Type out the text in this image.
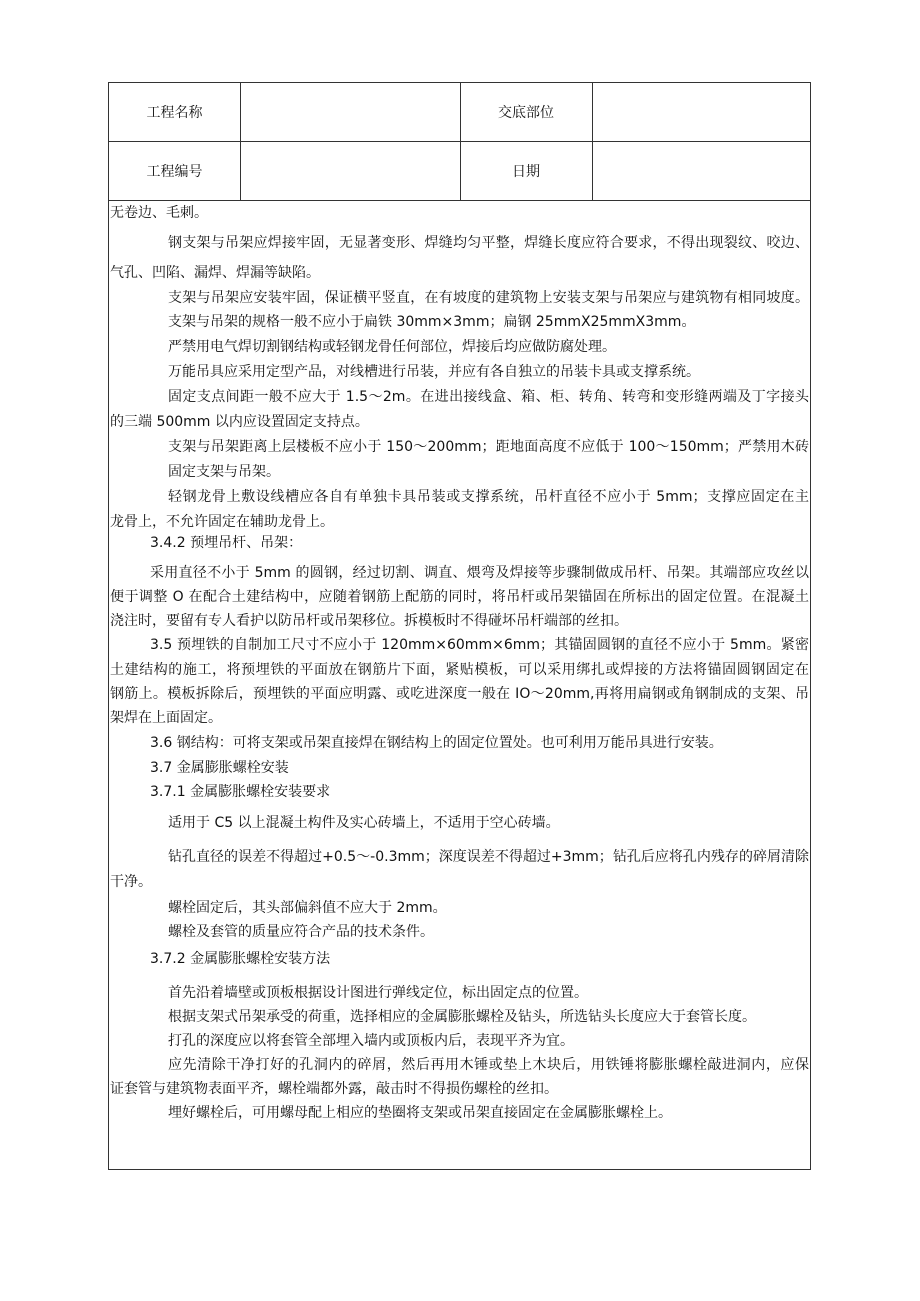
工程名称	交底部位
工程编号	日期
无卷边、毛刺。
钢支架与吊架应焊接牢固，无显著变形、焊缝均匀平整，焊缝长度应符合要求，不得出现裂纹、咬边、
气孔、凹陷、漏焊、焊漏等缺陷。
支架与吊架应安装牢固，保证横平竖直，在有坡度的建筑物上安装支架与吊架应与建筑物有相同坡度。
支架与吊架的规格一般不应小于扁铁 30mm×3mm；扁钢 25mmX25mmX3mm。
严禁用电气焊切割钢结构或轻钢龙骨任何部位，焊接后均应做防腐处理。
万能吊具应采用定型产品，对线槽进行吊装，并应有各自独立的吊装卡具或支撑系统。
固定支点间距一般不应大于 1.5～2m。在进出接线盒、箱、柜、转角、转弯和变形缝两端及丁字接头
的三端 500mm 以内应设置固定支持点。
支架与吊架距离上层楼板不应小于 150～200mm；距地面高度不应低于 100～150mm；严禁用木砖
固定支架与吊架。
轻钢龙骨上敷设线槽应各自有单独卡具吊装或支撑系统，吊杆直径不应小于 5mm；支撑应固定在主
龙骨上，不允许固定在辅助龙骨上。
3.4.2 预埋吊杆、吊架：
采用直径不小于 5mm 的圆钢，经过切割、调直、煨弯及焊接等步骤制做成吊杆、吊架。其端部应攻丝以
便于调整 O 在配合土建结构中，应随着钢筋上配筋的同时，将吊杆或吊架锚固在所标出的固定位置。在混凝土
浇注时，要留有专人看护以防吊杆或吊架移位。拆模板时不得碰坏吊杆端部的丝扣。
3.5 预埋铁的自制加工尺寸不应小于 120mm×60mm×6mm；其锚固圆钢的直径不应小于 5mm。紧密
土建结构的施工，将预埋铁的平面放在钢筋片下面，紧贴模板，可以采用绑扎或焊接的方法将锚固圆钢固定在
钢筋上。模板拆除后，预埋铁的平面应明露、或吃进深度一般在 IO～20mm,再将用扁钢或角钢制成的支架、吊
架焊在上面固定。
3.6 钢结构：可将支架或吊架直接焊在钢结构上的固定位置处。也可利用万能吊具进行安装。
3.7 金属膨胀螺栓安装
3.7.1 金属膨胀螺栓安装要求
适用于 C5 以上混凝土构件及实心砖墙上，不适用于空心砖墙。
钻孔直径的误差不得超过+0.5～-0.3mm；深度误差不得超过+3mm；钻孔后应将孔内残存的碎屑清除
干净。
螺栓固定后，其头部偏斜值不应大于 2mm。
螺栓及套管的质量应符合产品的技术条件。
3.7.2 金属膨胀螺栓安装方法
首先沿着墙壁或顶板根据设计图进行弹线定位，标出固定点的位置。
根据支架式吊架承受的荷重，选择相应的金属膨胀螺栓及钻头，所选钻头长度应大于套管长度。
打孔的深度应以将套管全部埋入墙内或顶板内后，表现平齐为宜。
应先清除干净打好的孔洞内的碎屑，然后再用木锤或垫上木块后，用铁锤将膨胀螺栓敲进洞内，应保
证套管与建筑物表面平齐，螺栓端都外露，敲击时不得损伤螺栓的丝扣。
埋好螺栓后，可用螺母配上相应的垫圈将支架或吊架直接固定在金属膨胀螺栓上。
